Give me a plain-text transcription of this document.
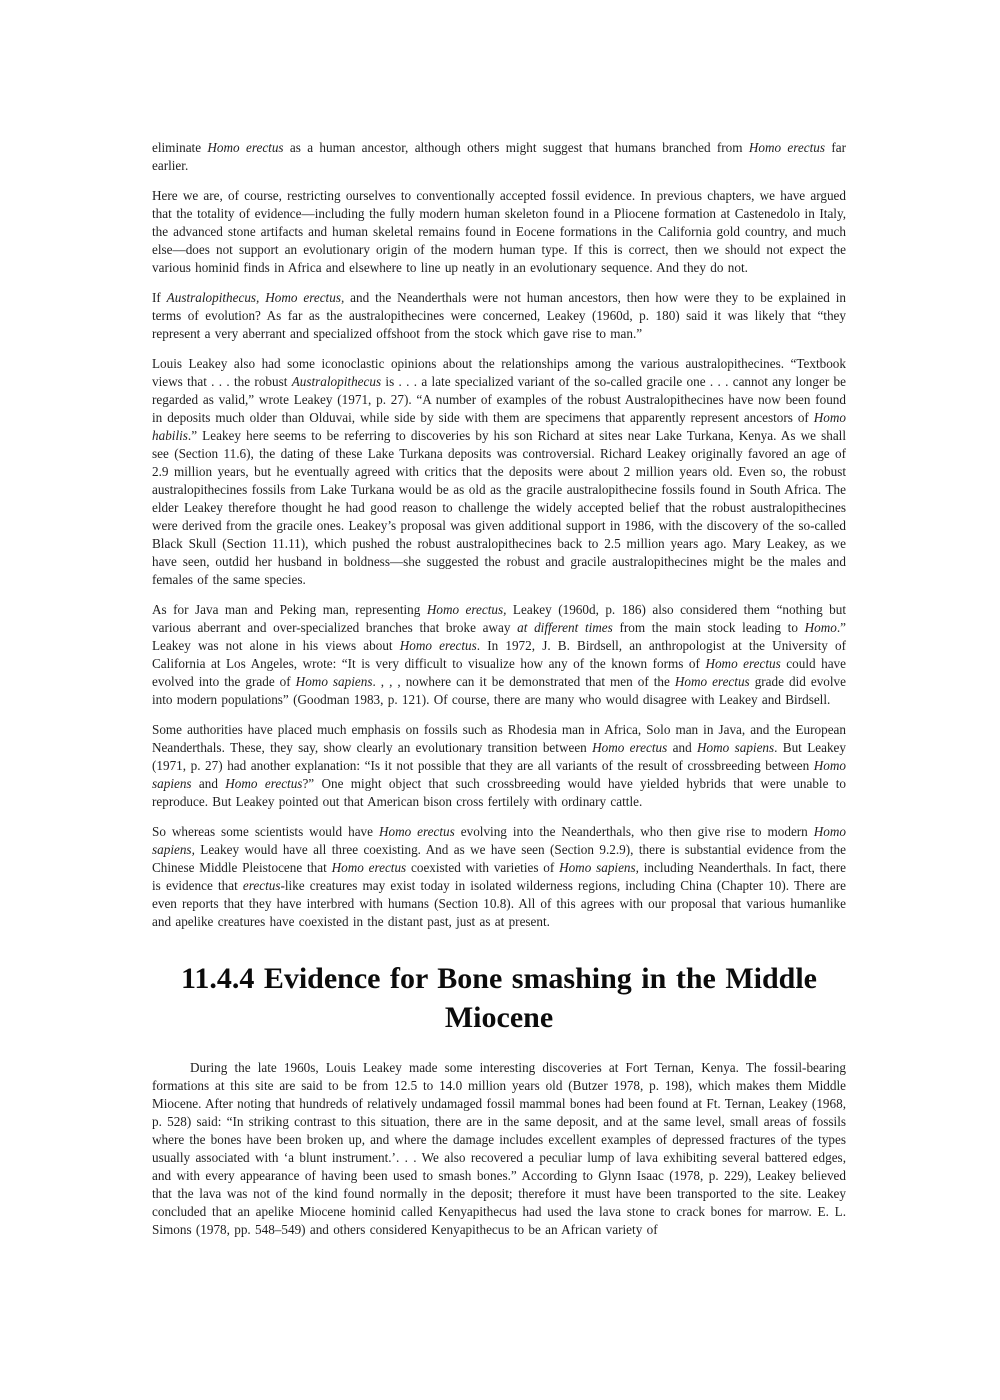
eliminate Homo erectus as a human ancestor, although others might suggest that humans branched from Homo erectus far earlier.

Here we are, of course, restricting ourselves to conventionally accepted fossil evidence. In previous chapters, we have argued that the totality of evidence—including the fully modern human skeleton found in a Pliocene formation at Castenedolo in Italy, the advanced stone artifacts and human skeletal remains found in Eocene formations in the California gold country, and much else—does not support an evolutionary origin of the modern human type. If this is correct, then we should not expect the various hominid finds in Africa and elsewhere to line up neatly in an evolutionary sequence. And they do not.

If Australopithecus, Homo erectus, and the Neanderthals were not human ancestors, then how were they to be explained in terms of evolution? As far as the australopithecines were concerned, Leakey (1960d, p. 180) said it was likely that “they represent a very aberrant and specialized offshoot from the stock which gave rise to man.”

Louis Leakey also had some iconoclastic opinions about the relationships among the various australopithecines. “Textbook views that . . . the robust Australopithecus is . . . a late specialized variant of the so-called gracile one . . . cannot any longer be regarded as valid,” wrote Leakey (1971, p. 27). “A number of examples of the robust Australopithecines have now been found in deposits much older than Olduvai, while side by side with them are specimens that apparently represent ancestors of Homo habilis.” Leakey here seems to be referring to discoveries by his son Richard at sites near Lake Turkana, Kenya. As we shall see (Section 11.6), the dating of these Lake Turkana deposits was controversial. Richard Leakey originally favored an age of 2.9 million years, but he eventually agreed with critics that the deposits were about 2 million years old. Even so, the robust australopithecines fossils from Lake Turkana would be as old as the gracile australopithecine fossils found in South Africa. The elder Leakey therefore thought he had good reason to challenge the widely accepted belief that the robust australopithecines were derived from the gracile ones. Leakey’s proposal was given additional support in 1986, with the discovery of the so-called Black Skull (Section 11.11), which pushed the robust australopithecines back to 2.5 million years ago. Mary Leakey, as we have seen, outdid her husband in boldness—she suggested the robust and gracile australopithecines might be the males and females of the same species.

As for Java man and Peking man, representing Homo erectus, Leakey (1960d, p. 186) also considered them “nothing but various aberrant and over-specialized branches that broke away at different times from the main stock leading to Homo.” Leakey was not alone in his views about Homo erectus. In 1972, J. B. Birdsell, an anthropologist at the University of California at Los Angeles, wrote: “It is very difficult to visualize how any of the known forms of Homo erectus could have evolved into the grade of Homo sapiens. , , , nowhere can it be demonstrated that men of the Homo erectus grade did evolve into modern populations” (Goodman 1983, p. 121). Of course, there are many who would disagree with Leakey and Birdsell.

Some authorities have placed much emphasis on fossils such as Rhodesia man in Africa, Solo man in Java, and the European Neanderthals. These, they say, show clearly an evolutionary transition between Homo erectus and Homo sapiens. But Leakey (1971, p. 27) had another explanation: “Is it not possible that they are all variants of the result of crossbreeding between Homo sapiens and Homo erectus?” One might object that such crossbreeding would have yielded hybrids that were unable to reproduce. But Leakey pointed out that American bison cross fertilely with ordinary cattle.

So whereas some scientists would have Homo erectus evolving into the Neanderthals, who then give rise to modern Homo sapiens, Leakey would have all three coexisting. And as we have seen (Section 9.2.9), there is substantial evidence from the Chinese Middle Pleistocene that Homo erectus coexisted with varieties of Homo sapiens, including Neanderthals. In fact, there is evidence that erectus-like creatures may exist today in isolated wilderness regions, including China (Chapter 10). There are even reports that they have interbred with humans (Section 10.8). All of this agrees with our proposal that various humanlike and apelike creatures have coexisted in the distant past, just as at present.

11.4.4 Evidence for Bone smashing in the Middle Miocene

During the late 1960s, Louis Leakey made some interesting discoveries at Fort Ternan, Kenya. The fossil-bearing formations at this site are said to be from 12.5 to 14.0 million years old (Butzer 1978, p. 198), which makes them Middle Miocene. After noting that hundreds of relatively undamaged fossil mammal bones had been found at Ft. Ternan, Leakey (1968, p. 528) said: “In striking contrast to this situation, there are in the same deposit, and at the same level, small areas of fossils where the bones have been broken up, and where the damage includes excellent examples of depressed fractures of the types usually associated with ‘a blunt instrument.’. . . We also recovered a peculiar lump of lava exhibiting several battered edges, and with every appearance of having been used to smash bones.” According to Glynn Isaac (1978, p. 229), Leakey believed that the lava was not of the kind found normally in the deposit; therefore it must have been transported to the site. Leakey concluded that an apelike Miocene hominid called Kenyapithecus had used the lava stone to crack bones for marrow. E. L. Simons (1978, pp. 548–549) and others considered Kenyapithecus to be an African variety of
